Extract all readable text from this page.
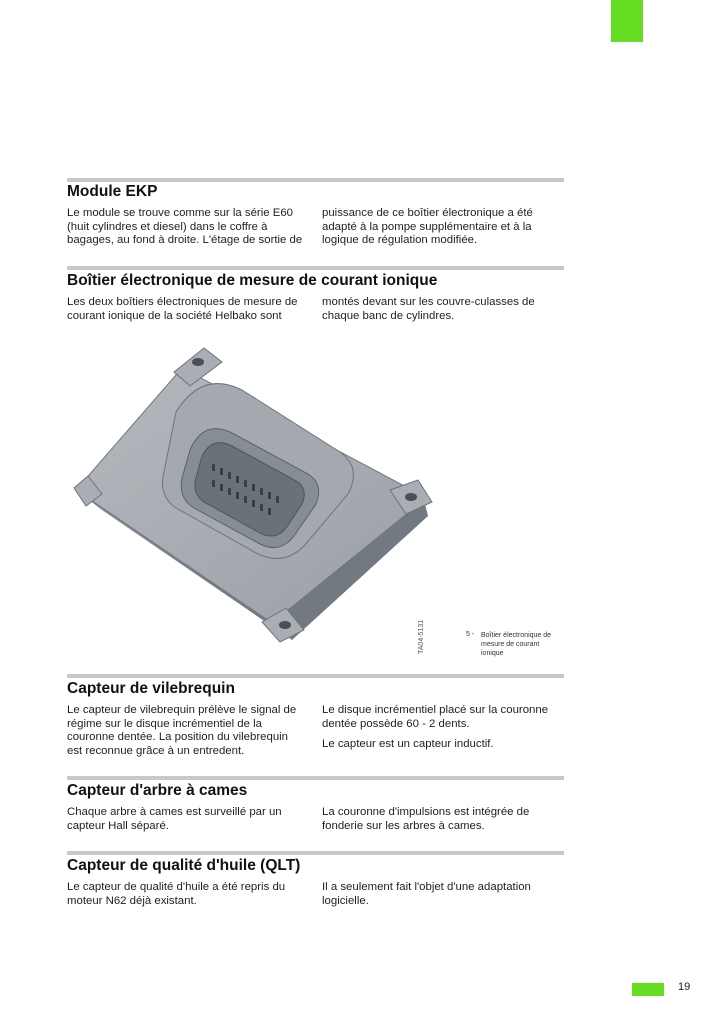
Module EKP
Le module se trouve comme sur la série E60
(huit cylindres et diesel) dans le coffre à
bagages, au fond à droite. L'étage de sortie de
puissance de ce boîtier électronique a été
adapté à la pompe supplémentaire et à la
logique de régulation modifiée.
Boîtier électronique de mesure de courant ionique
Les deux boîtiers électroniques de mesure de
courant ionique de la société Helbako sont
montés devant sur les couvre-culasses de
chaque banc de cylindres.
TA04-5131	5 - Boîtier électronique de
mesure de courant
ionique
Capteur de vilebrequin
Le capteur de vilebrequin prélève le signal de
régime sur le disque incrémentiel de la
couronne dentée. La position du vilebrequin
est reconnue grâce à un entredent.

Le disque incrémentiel placé sur la couronne
dentée possède 60 - 2 dents.

Le capteur est un capteur inductif.

Capteur d'arbre à cames
Chaque arbre à cames est surveillé par un
capteur Hall séparé.
La couronne d'impulsions est intégrée de
fonderie sur les arbres à cames.
Capteur de qualité d'huile (QLT)
Le capteur de qualité d'huile a été repris du
moteur N62 déjà existant.
Il a seulement fait l'objet d'une adaptation
logicielle.
19
